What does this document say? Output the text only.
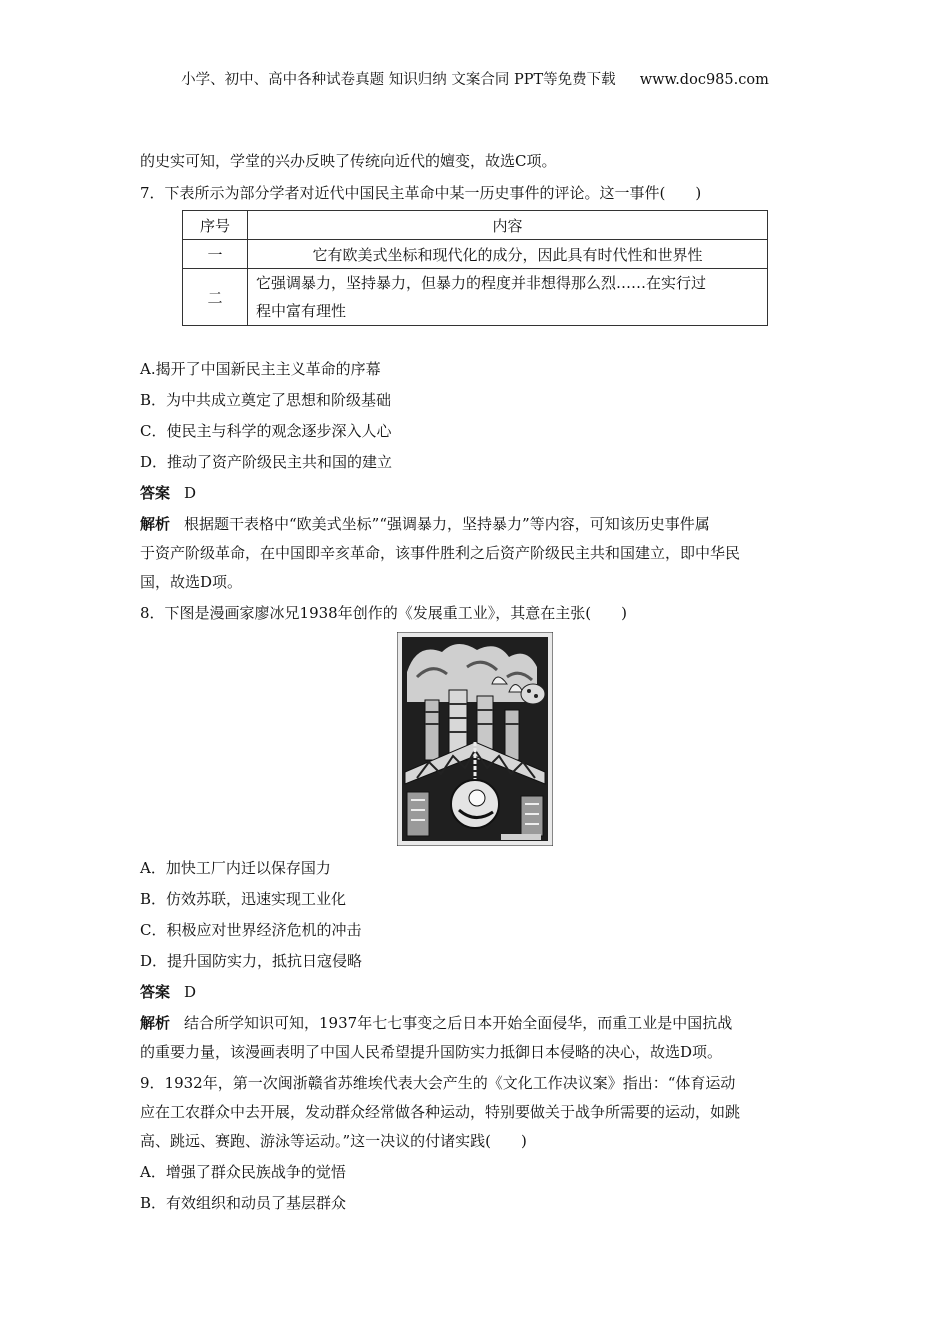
小学、初中、高中各种试卷真题 知识归纳 文案合同 PPT等免费下载 www.doc985.com
的史实可知，学堂的兴办反映了传统向近代的嬗变，故选C项。
7．下表所示为部分学者对近代中国民主革命中某一历史事件的评论。这一事件(　　)
序号	内容
一	它有欧美式坐标和现代化的成分，因此具有时代性和世界性
二	它强调暴力，坚持暴力，但暴力的程度并非想得那么烈……在实行过
程中富有理性
A.揭开了中国新民主主义革命的序幕
B．为中共成立奠定了思想和阶级基础
C．使民主与科学的观念逐步深入人心
D．推动了资产阶级民主共和国的建立
答案 D
解析 根据题干表格中“欧美式坐标”“强调暴力，坚持暴力”等内容，可知该历史事件属
于资产阶级革命，在中国即辛亥革命，该事件胜利之后资产阶级民主共和国建立，即中华民
国，故选D项。
8．下图是漫画家廖冰兄1938年创作的《发展重工业》，其意在主张(　　)
A．加快工厂内迁以保存国力
B．仿效苏联，迅速实现工业化
C．积极应对世界经济危机的冲击
D．提升国防实力，抵抗日寇侵略
答案 D
解析 结合所学知识可知，1937年七七事变之后日本开始全面侵华，而重工业是中国抗战
的重要力量，该漫画表明了中国人民希望提升国防实力抵御日本侵略的决心，故选D项。
9．1932年，第一次闽浙赣省苏维埃代表大会产生的《文化工作决议案》指出：“体育运动
应在工农群众中去开展，发动群众经常做各种运动，特别要做关于战争所需要的运动，如跳
高、跳远、赛跑、游泳等运动。”这一决议的付诸实践(　　)
A．增强了群众民族战争的觉悟
B．有效组织和动员了基层群众
